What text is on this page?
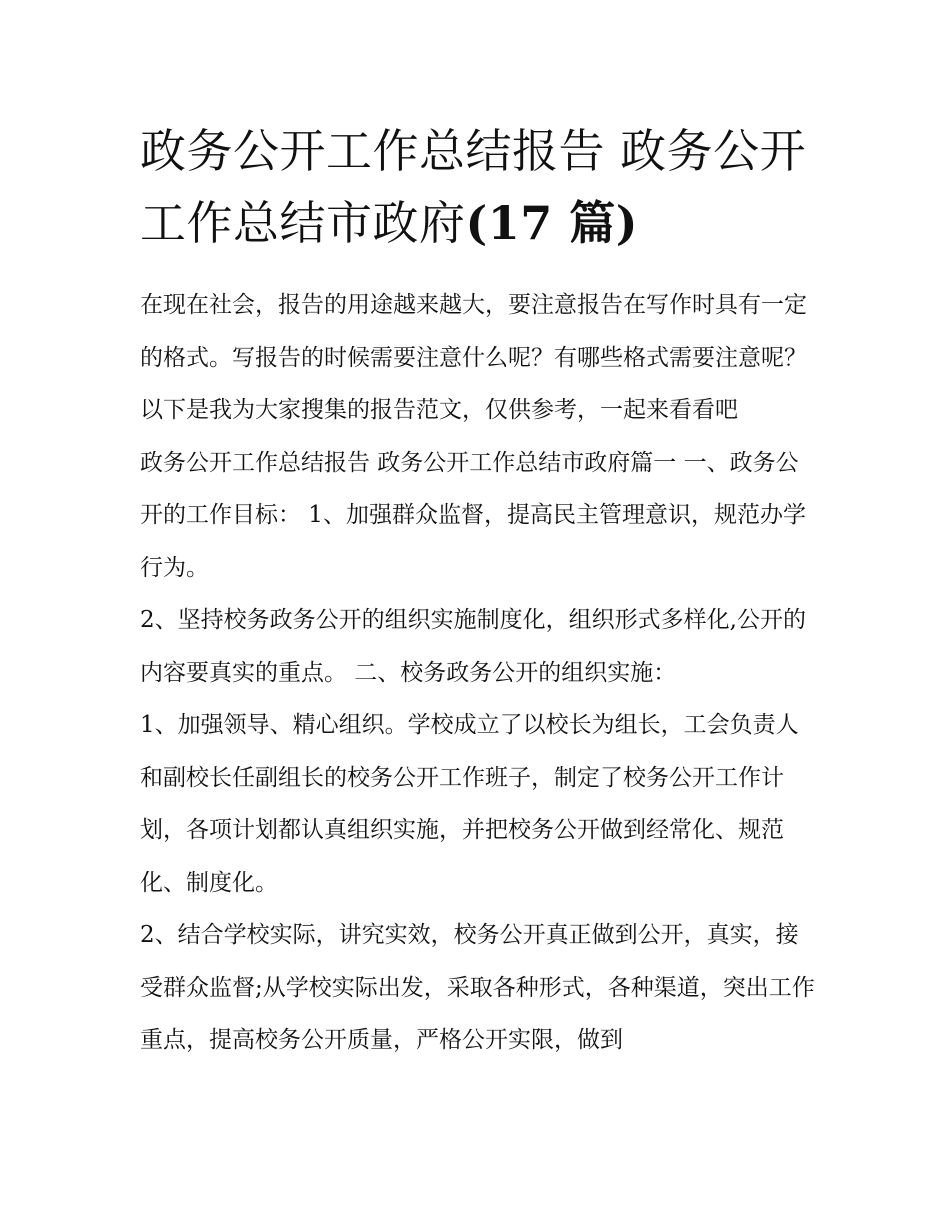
政务公开工作总结报告 政务公开工作总结市政府(17 篇)

在现在社会，报告的用途越来越大，要注意报告在写作时具有一定的格式。写报告的时候需要注意什么呢？有哪些格式需要注意呢？以下是我为大家搜集的报告范文，仅供参考，一起来看看吧

政务公开工作总结报告 政务公开工作总结市政府篇一 一、政务公开的工作目标： 1、加强群众监督，提高民主管理意识，规范办学行为。

2、坚持校务政务公开的组织实施制度化，组织形式多样化,公开的内容要真实的重点。 二、校务政务公开的组织实施：

1、加强领导、精心组织。学校成立了以校长为组长，工会负责人和副校长任副组长的校务公开工作班子，制定了校务公开工作计划，各项计划都认真组织实施，并把校务公开做到经常化、规范化、制度化。

2、结合学校实际，讲究实效，校务公开真正做到公开，真实，接受群众监督;从学校实际出发，采取各种形式，各种渠道，突出工作重点，提高校务公开质量，严格公开实限，做到
